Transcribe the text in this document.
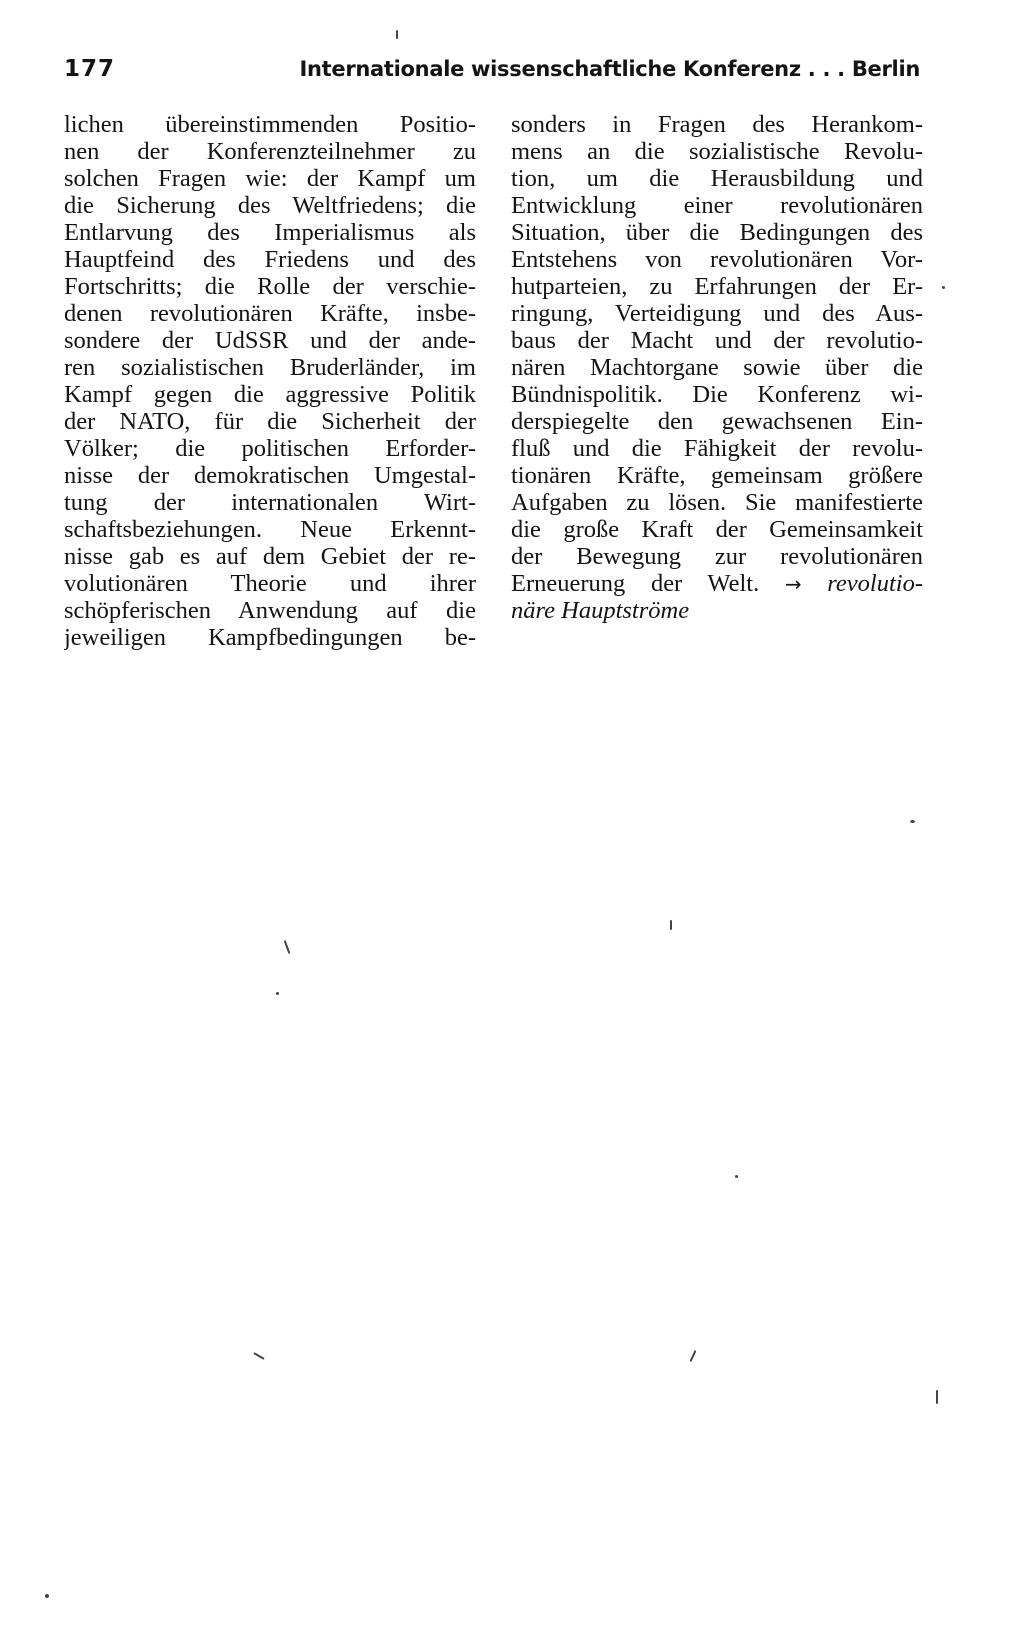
177	Internationale wissenschaftliche Konferenz . . . Berlin
lichen übereinstimmenden Positio-
nen der Konferenzteilnehmer zu
solchen Fragen wie: der Kampf um
die Sicherung des Weltfriedens; die
Entlarvung des Imperialismus als
Hauptfeind des Friedens und des
Fortschritts; die Rolle der verschie-
denen revolutionären Kräfte, insbe-
sondere der UdSSR und der ande-
ren sozialistischen Bruderländer, im
Kampf gegen die aggressive Politik
der NATO, für die Sicherheit der
Völker; die politischen Erforder-
nisse der demokratischen Umgestal-
tung der internationalen Wirt-
schaftsbeziehungen. Neue Erkennt-
nisse gab es auf dem Gebiet der re-
volutionären Theorie und ihrer
schöpferischen Anwendung auf die
jeweiligen Kampfbedingungen be-
sonders in Fragen des Herankom-
mens an die sozialistische Revolu-
tion, um die Herausbildung und
Entwicklung einer revolutionären
Situation, über die Bedingungen des
Entstehens von revolutionären Vor-
hutparteien, zu Erfahrungen der Er-
ringung, Verteidigung und des Aus-
baus der Macht und der revolutio-
nären Machtorgane sowie über die
Bündnispolitik. Die Konferenz wi-
derspiegelte den gewachsenen Ein-
fluß und die Fähigkeit der revolu-
tionären Kräfte, gemeinsam größere
Aufgaben zu lösen. Sie manifestierte
die große Kraft der Gemeinsamkeit
der Bewegung zur revolutionären
Erneuerung der Welt. → revolutio-
näre Hauptströme
